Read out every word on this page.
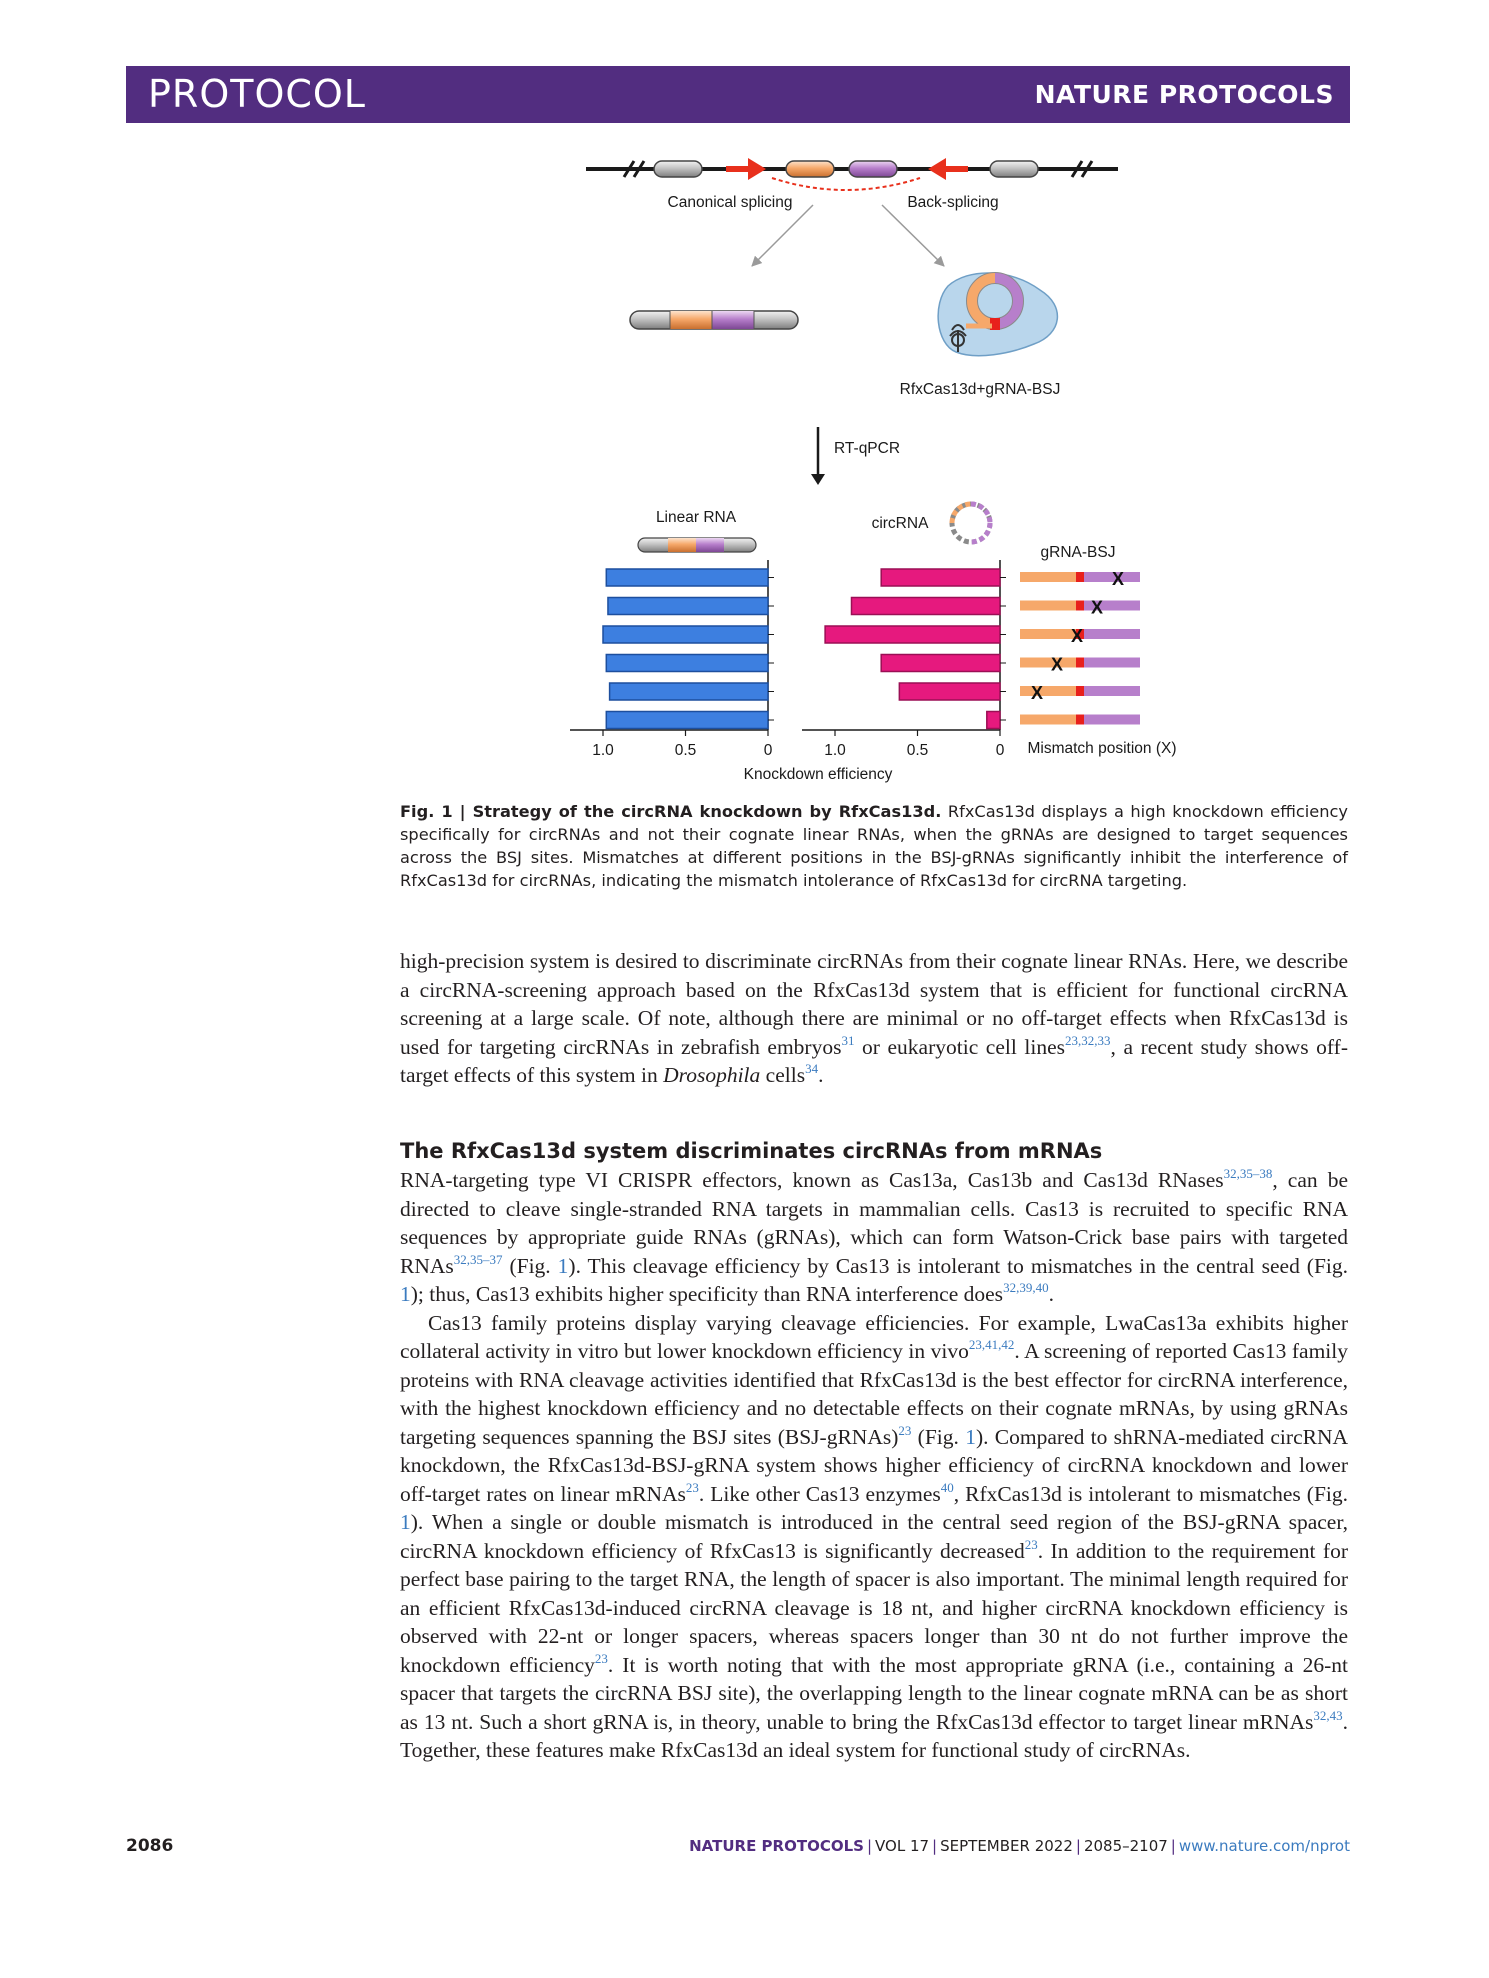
PROTOCOL	NATURE PROTOCOLS
Canonical splicing	Back-splicing
RfxCas13d+gRNA-BSJ
RT-qPCR
Linear RNA	circRNA
gRNA-BSJ
1.0	0.5	0	1.0	0.5	0
X
X
X
X
X
Mismatch position (X)
Knockdown efficiency
Fig. 1 | Strategy of the circRNA knockdown by RfxCas13d. RfxCas13d displays a high knockdown efficiency specifically for circRNAs and not their cognate linear RNAs, when the gRNAs are designed to target sequences across the BSJ sites. Mismatches at different positions in the BSJ-gRNAs significantly inhibit the interference of RfxCas13d for circRNAs, indicating the mismatch intolerance of RfxCas13d for circRNA targeting.

high-precision system is desired to discriminate circRNAs from their cognate linear RNAs. Here, we describe a circRNA-screening approach based on the RfxCas13d system that is efficient for functional circRNA screening at a large scale. Of note, although there are minimal or no off-target effects when RfxCas13d is used for targeting circRNAs in zebrafish embryos$^{31}$ or eukaryotic cell lines$^{23,32,33}$, a recent study shows off-target effects of this system in Drosophila cells$^{34}$.

The RfxCas13d system discriminates circRNAs from mRNAs

RNA-targeting type VI CRISPR effectors, known as Cas13a, Cas13b and Cas13d RNases$^{32,35-38}$, can be directed to cleave single-stranded RNA targets in mammalian cells. Cas13 is recruited to specific RNA sequences by appropriate guide RNAs (gRNAs), which can form Watson-Crick base pairs with targeted RNAs$^{32,35-37}$ (Fig. 1). This cleavage efficiency by Cas13 is intolerant to mismatches in the central seed (Fig. 1); thus, Cas13 exhibits higher specificity than RNA interference does$^{32,39,40}$.

Cas13 family proteins display varying cleavage efficiencies. For example, LwaCas13a exhibits higher collateral activity in vitro but lower knockdown efficiency in vivo$^{23,41,42}$. A screening of reported Cas13 family proteins with RNA cleavage activities identified that RfxCas13d is the best effector for circRNA interference, with the highest knockdown efficiency and no detectable effects on their cognate mRNAs, by using gRNAs targeting sequences spanning the BSJ sites (BSJ-gRNAs)$^{23}$ (Fig. 1). Compared to shRNA-mediated circRNA knockdown, the RfxCas13d-BSJ-gRNA system shows higher efficiency of circRNA knockdown and lower off-target rates on linear mRNAs$^{23}$. Like other Cas13 enzymes$^{40}$, RfxCas13d is intolerant to mismatches (Fig. 1). When a single or double mismatch is introduced in the central seed region of the BSJ-gRNA spacer, circRNA knockdown efficiency of RfxCas13 is significantly decreased$^{23}$. In addition to the requirement for perfect base pairing to the target RNA, the length of spacer is also important. The minimal length required for an efficient RfxCas13d-induced circRNA cleavage is 18 nt, and higher circRNA knockdown efficiency is observed with 22-nt or longer spacers, whereas spacers longer than 30 nt do not further improve the knockdown efficiency$^{23}$. It is worth noting that with the most appropriate gRNA (i.e., containing a 26-nt spacer that targets the circRNA BSJ site), the overlapping length to the linear cognate mRNA can be as short as 13 nt. Such a short gRNA is, in theory, unable to bring the RfxCas13d effector to target linear mRNAs$^{32,43}$. Together, these features make RfxCas13d an ideal system for functional study of circRNAs.

2086	NATURE PROTOCOLS | VOL 17 | SEPTEMBER 2022 | 2085–2107 | www.nature.com/nprot
